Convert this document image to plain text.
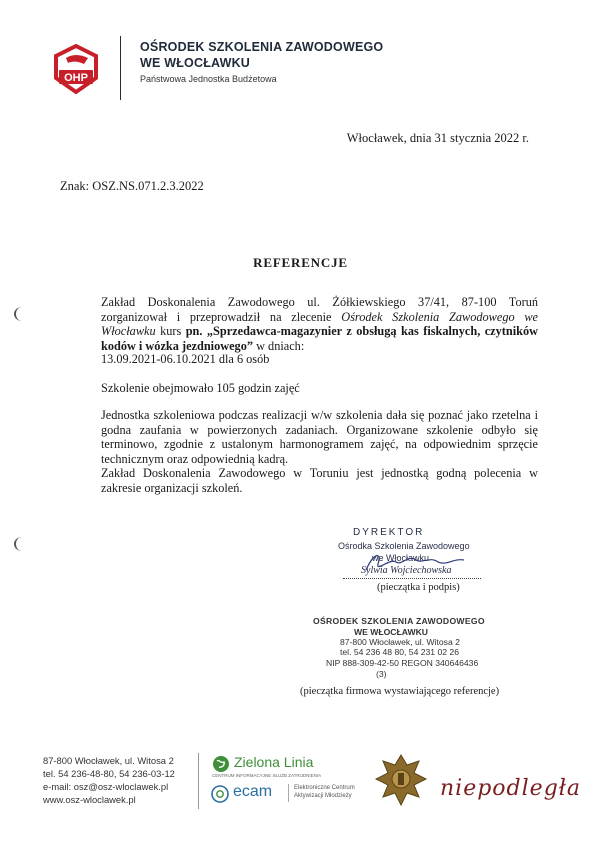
OHP
OŚRODEK SZKOLENIA ZAWODOWEGO
WE WŁOCŁAWKU
Państwowa Jednostka Budżetowa
Włocławek, dnia 31 stycznia 2022 r.
Znak: OSZ.NS.071.2.3.2022
REFERENCJE
Zakład Doskonalenia Zawodowego ul. Żółkiewskiego 37/41, 87-100 Toruń zorganizował i przeprowadził na zlecenie Ośrodek Szkolenia Zawodowego we Włocławku kurs pn. „Sprzedawca-magazynier z obsługą kas fiskalnych, czytników kodów i wózka jezdniowego” w dniach:
13.09.2021-06.10.2021 dla 6 osób
Szkolenie obejmowało 105 godzin zajęć
Jednostka szkoleniowa podczas realizacji w/w szkolenia dała się poznać jako rzetelna i godna zaufania w powierzonych zadaniach. Organizowane szkolenie odbyło się terminowo, zgodnie z ustalonym harmonogramem zajęć, na odpowiednim sprzęcie technicznym oraz odpowiednią kadrą.
Zakład Doskonalenia Zawodowego w Toruniu jest jednostką godną polecenia w zakresie organizacji szkoleń.
DYREKTOR
Ośrodka Szkolenia Zawodowego
we Włocławku
Sylwia Wojciechowska
(pieczątka i podpis)
OŚRODEK SZKOLENIA ZAWODOWEGO
WE WŁOCŁAWKU
87-800 Włocławek, ul. Witosa 2
tel. 54 236 48 80, 54 231 02 26
NIP 888-309-42-50 REGON 340646436
(3)
(pieczątka firmowa wystawiającego referencje)
87-800 Włocławek, ul. Witosa 2
tel. 54 236-48-80, 54 236-03-12
e-mail: osz@osz-wloclawek.pl
www.osz-wloclawek.pl
Zielona Linia
CENTRUM INFORMACYJNE SŁUŻB ZATRUDNIENIA
ecam	Elektroniczne Centrum
Aktywizacji Młodzieży	niepodległa
